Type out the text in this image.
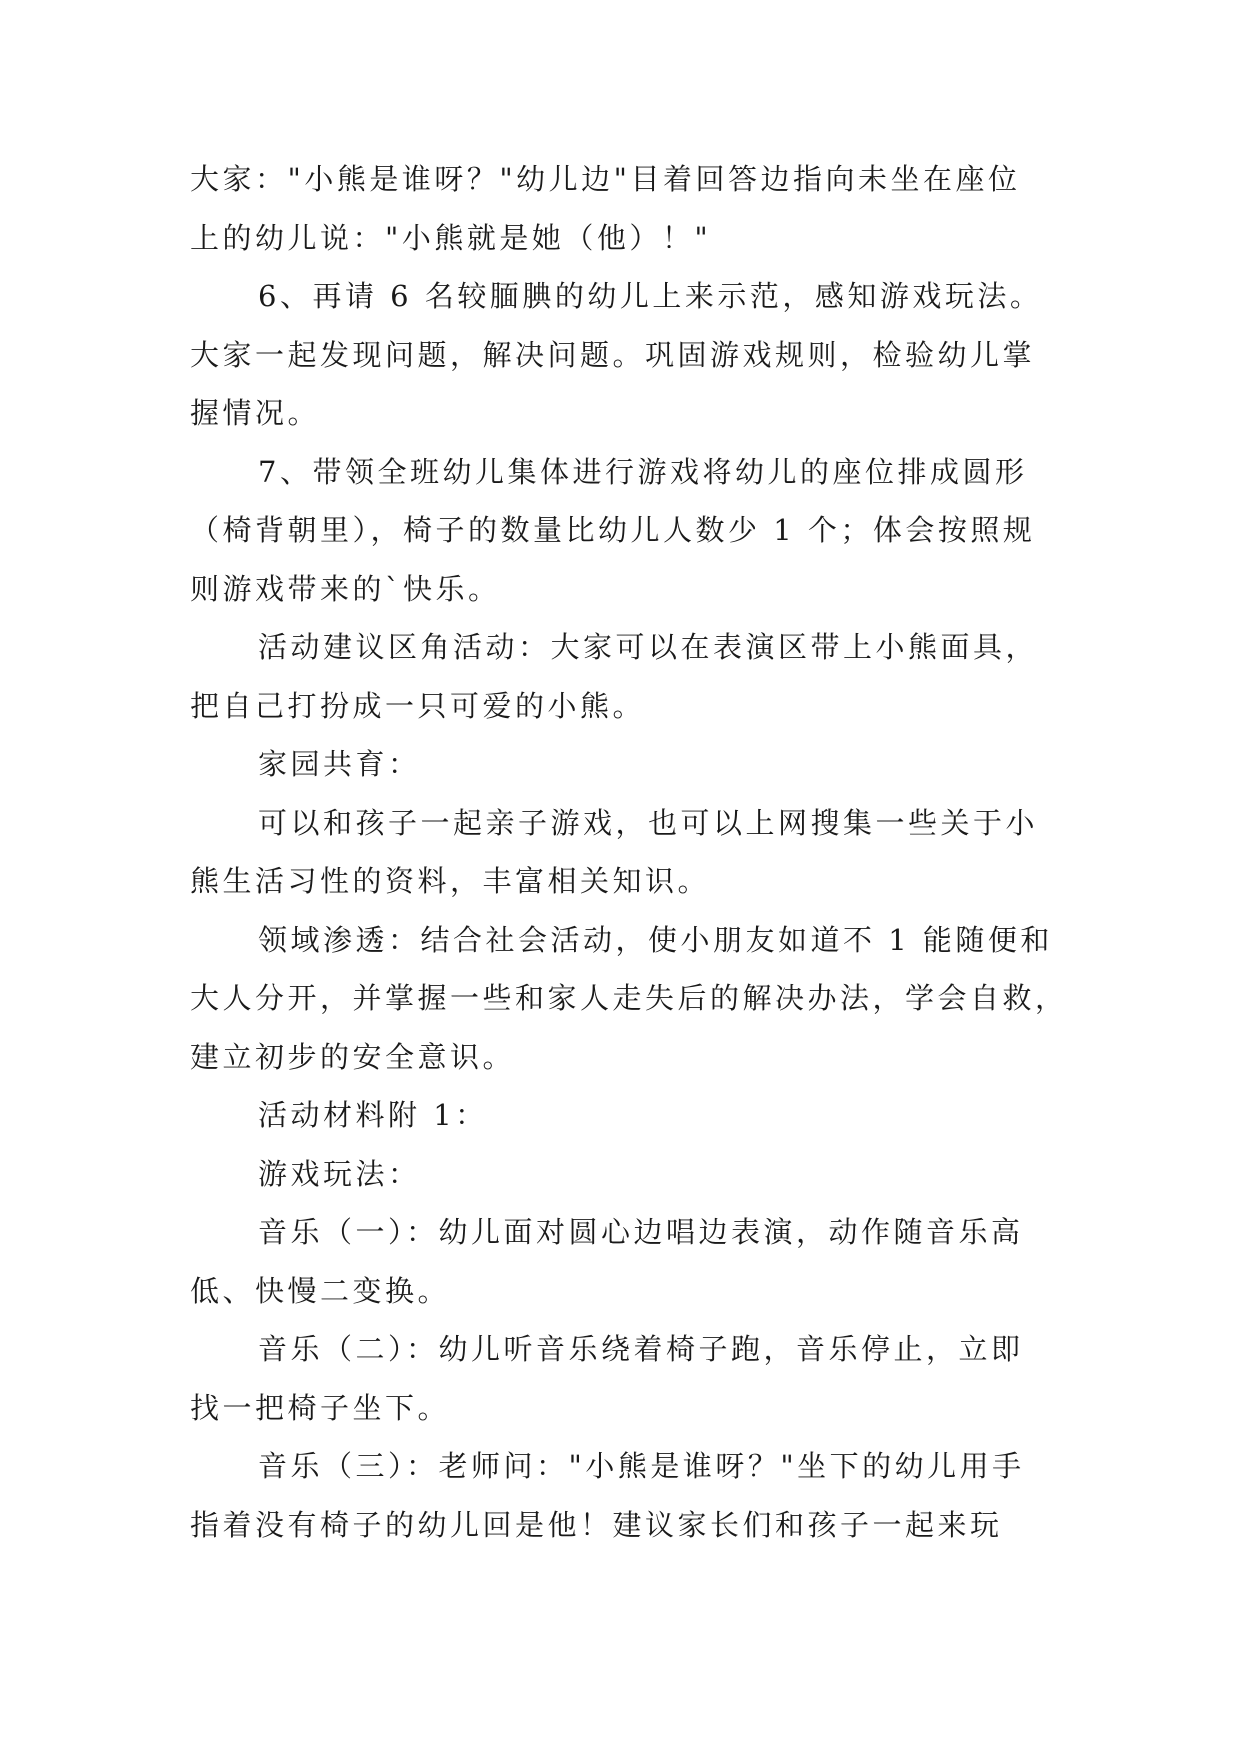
大家："小熊是谁呀？"幼儿边"目着回答边指向未坐在座位
上的幼儿说："小熊就是她（他）！"
6、再请 6 名较腼腆的幼儿上来示范，感知游戏玩法。
大家一起发现问题，解决问题。巩固游戏规则，检验幼儿掌
握情况。
7、带领全班幼儿集体进行游戏将幼儿的座位排成圆形
（椅背朝里），椅子的数量比幼儿人数少 1 个；体会按照规
则游戏带来的`快乐。
活动建议区角活动：大家可以在表演区带上小熊面具，
把自己打扮成一只可爱的小熊。
家园共育：
可以和孩子一起亲子游戏，也可以上网搜集一些关于小
熊生活习性的资料，丰富相关知识。
领域渗透：结合社会活动，使小朋友如道不 1 能随便和
大人分开，并掌握一些和家人走失后的解决办法，学会自救，
建立初步的安全意识。
活动材料附 1：
游戏玩法：
音乐（一）：幼儿面对圆心边唱边表演，动作随音乐高
低、快慢二变换。
音乐（二）：幼儿听音乐绕着椅子跑，音乐停止，立即
找一把椅子坐下。
音乐（三）：老师问："小熊是谁呀？"坐下的幼儿用手
指着没有椅子的幼儿回是他！建议家长们和孩子一起来玩
